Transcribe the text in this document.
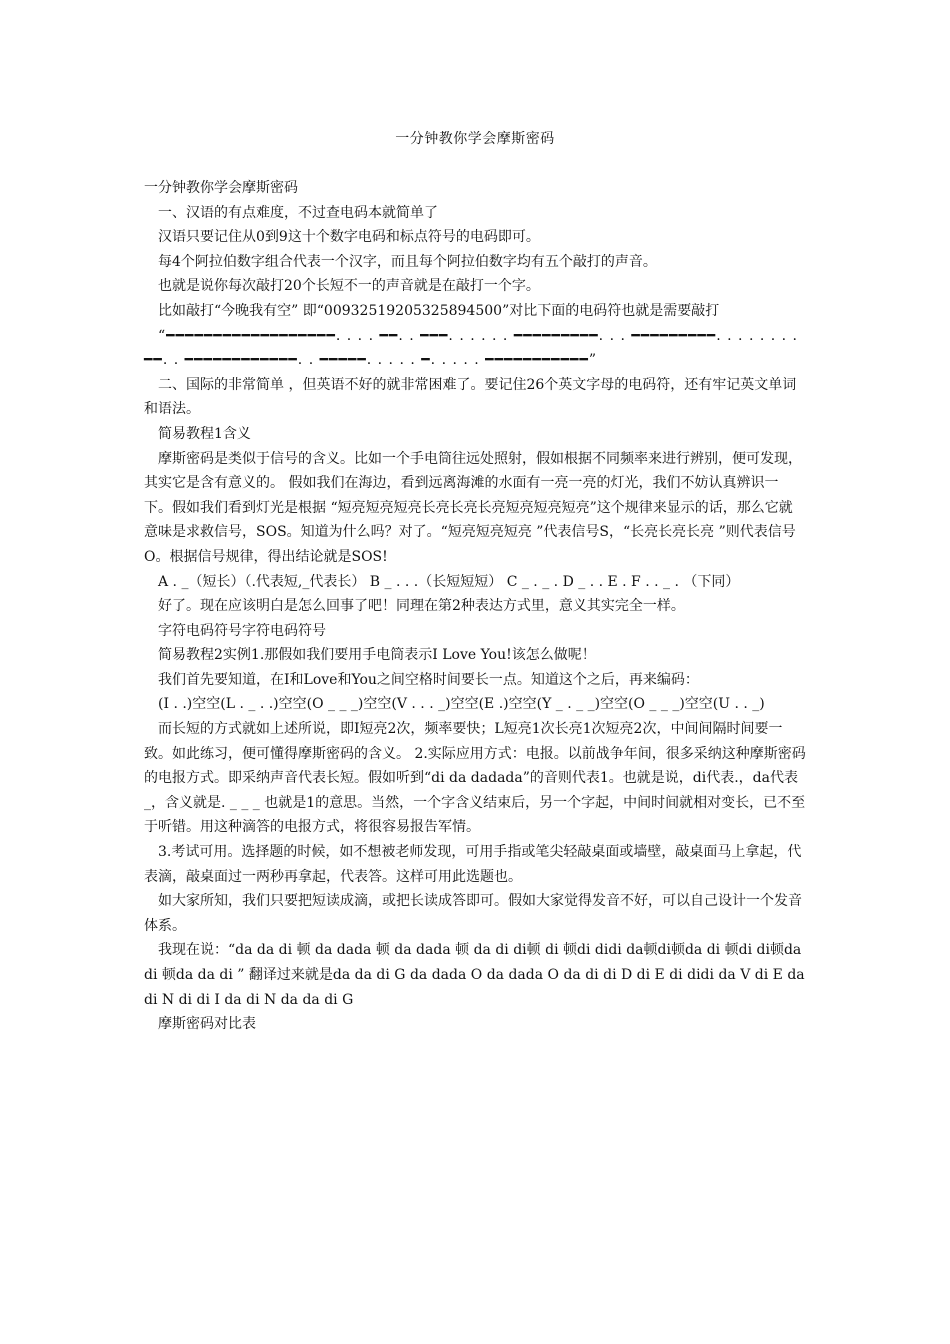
一分钟教你学会摩斯密码

一分钟教你学会摩斯密码

一、汉语的有点难度，不过查电码本就简单了

汉语只要记住从0到9这十个数字电码和标点符号的电码即可。

每4个阿拉伯数字组合代表一个汉字，而且每个阿拉伯数字均有五个敲打的声音。

也就是说你每次敲打20个长短不一的声音就是在敲打一个字。

比如敲打“今晚我有空” 即“00932519205325894500”对比下面的电码符也就是需要敲打

“━━━━━━━━━━━━━━━━━━. . . . ━━. . ━━━. . . . . . ━━━━━━━━━. . . ━━━━━━━━━. . . . . . . . ━━. . ━━━━━━━━━━━━. . ━━━━━. . . . . ━. . . . . ━━━━━━━━━━━”

二、国际的非常简单 ，但英语不好的就非常困难了。要记住26个英文字母的电码符，还有牢记英文单词和语法。

简易教程1含义

摩斯密码是类似于信号的含义。比如一个手电筒往远处照射，假如根据不同频率来进行辨别，便可发现，其实它是含有意义的。 假如我们在海边，看到远离海滩的水面有一亮一亮的灯光，我们不妨认真辨识一下。假如我们看到灯光是根据 “短亮短亮短亮长亮长亮长亮短亮短亮短亮”这个规律来显示的话，那么它就意味是求救信号，SOS。知道为什么吗？对了。“短亮短亮短亮 ”代表信号S，“长亮长亮长亮 ”则代表信号O。根据信号规律，得出结论就是SOS!

A . _（短长）（.代表短,_代表长） B _ . . .（长短短短） C _ . _ . D _ . . E . F . . _ . （下同）

好了。现在应该明白是怎么回事了吧！同理在第2种表达方式里，意义其实完全一样。

字符电码符号字符电码符号

简易教程2实例1.那假如我们要用手电筒表示I Love You!该怎么做呢！

我们首先要知道，在I和Love和You之间空格时间要长一点。知道这个之后，再来编码：

(I . .)空空(L . _ . .)空空(O _ _ _)空空(V . . . _)空空(E .)空空(Y _ . _ _)空空(O _ _ _)空空(U . . _)

而长短的方式就如上述所说，即I短亮2次，频率要快；L短亮1次长亮1次短亮2次，中间间隔时间要一致。如此练习，便可懂得摩斯密码的含义。 2.实际应用方式：电报。以前战争年间，很多采纳这种摩斯密码的电报方式。即采纳声音代表长短。假如听到“di da dadada”的音则代表1。也就是说，di代表.，da代表_，含义就是. _ _ _ 也就是1的意思。当然，一个字含义结束后，另一个字起，中间时间就相对变长，已不至于听错。用这种滴答的电报方式，将很容易报告军情。

3.考试可用。选择题的时候，如不想被老师发现，可用手指或笔尖轻敲桌面或墙壁，敲桌面马上拿起，代表滴，敲桌面过一两秒再拿起，代表答。这样可用此选题也。

如大家所知，我们只要把短读成滴，或把长读成答即可。假如大家觉得发音不好，可以自己设计一个发音体系。

我现在说：“da da di 顿 da dada 顿 da dada 顿 da di di顿 di 顿di didi da顿di顿da di 顿di di顿da di 顿da da di ” 翻译过来就是da da di G da dada O da dada O da di di D di E di didi da V di E da di N di di I da di N da da di G

摩斯密码对比表
